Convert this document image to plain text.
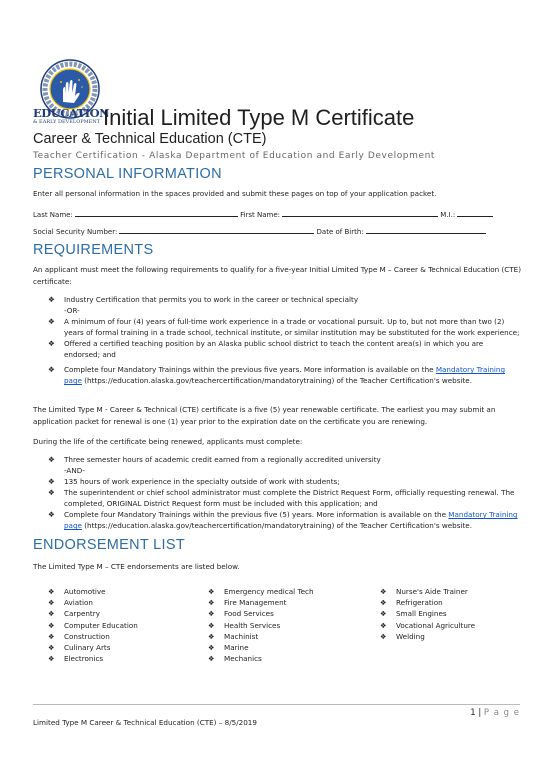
EDUCATION
& EARLY DEVELOPMENT Initial Limited Type M Certificate
Career & Technical Education (CTE)
Teacher Certification - Alaska Department of Education and Early Development
PERSONAL INFORMATION
Enter all personal information in the spaces provided and submit these pages on top of your application packet.
Last Name:	First Name:	M.I.:
Social Security Number:	Date of Birth:
REQUIREMENTS
An applicant must meet the following requirements to qualify for a five-year Initial Limited Type M – Career & Technical Education (CTE) certificate:
❖ Industry Certification that permits you to work in the career or technical specialty
-OR-
❖ A minimum of four (4) years of full-time work experience in a trade or vocational pursuit. Up to, but not more than two (2) years of formal training in a trade school, technical institute, or similar institution may be substituted for the work experience;
❖ Offered a certified teaching position by an Alaska public school district to teach the content area(s) in which you are endorsed; and
❖ Complete four Mandatory Trainings within the previous five years. More information is available on the Mandatory Training page (https://education.alaska.gov/teachercertification/mandatorytraining) of the Teacher Certification's website.
The Limited Type M - Career & Technical (CTE) certificate is a five (5) year renewable certificate. The earliest you may submit an application packet for renewal is one (1) year prior to the expiration date on the certificate you are renewing.
During the life of the certificate being renewed, applicants must complete:
❖ Three semester hours of academic credit earned from a regionally accredited university
-AND-
❖ 135 hours of work experience in the specialty outside of work with students;
❖ The superintendent or chief school administrator must complete the District Request Form, officially requesting renewal. The completed, ORIGINAL District Request form must be included with this application; and
❖ Complete four Mandatory Trainings within the previous five (5) years. More information is available on the Mandatory Training page (https://education.alaska.gov/teachercertification/mandatorytraining) of the Teacher Certification's website.
ENDORSEMENT LIST
The Limited Type M – CTE endorsements are listed below.
❖ Automotive
❖ Aviation
❖ Carpentry
❖ Computer Education
❖ Construction
❖ Culinary Arts
❖ Electronics
❖ Emergency medical Tech
❖ Fire Management
❖ Food Services
❖ Health Services
❖ Machinist
❖ Marine
❖ Mechanics
❖ Nurse's Aide Trainer
❖ Refrigeration
❖ Small Engines
❖ Vocational Agriculture
❖ Welding
1 | P a g e
Limited Type M Career & Technical Education (CTE) – 8/5/2019
